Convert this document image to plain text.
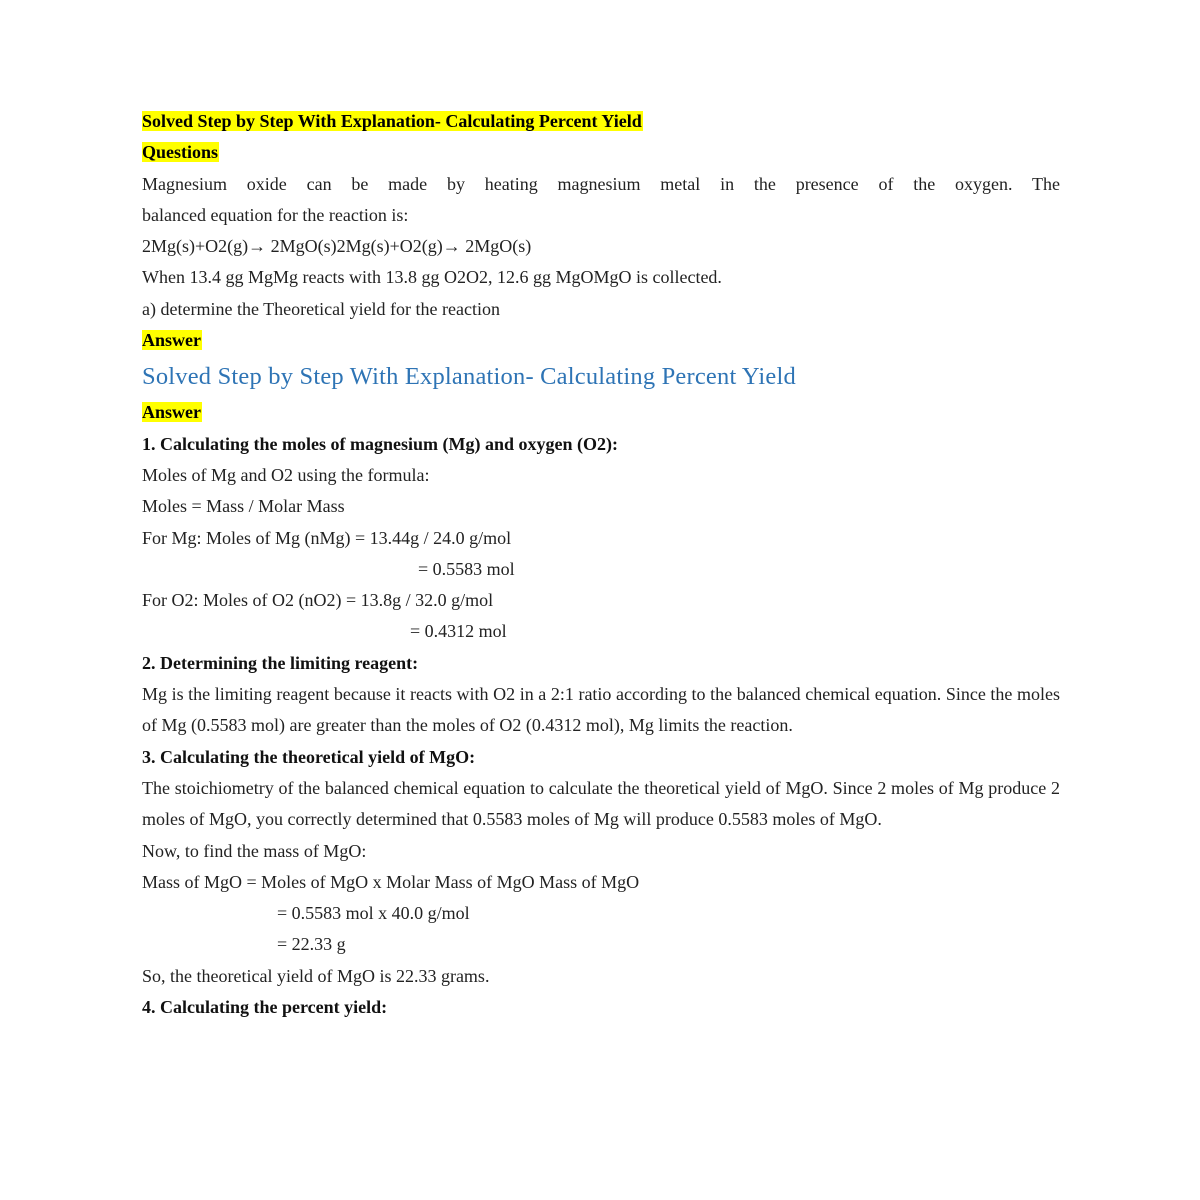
Solved Step by Step With Explanation- Calculating Percent Yield
Questions
Magnesium oxide can be made by heating magnesium metal in the presence of the oxygen. The
balanced equation for the reaction is:
2Mg(s)+O2(g)→ 2MgO(s)2Mg(s)+O2(g)→ 2MgO(s)
When 13.4 gg MgMg reacts with 13.8 gg O2O2, 12.6 gg MgOMgO is collected.
a) determine the Theoretical yield for the reaction
Answer
Solved Step by Step With Explanation- Calculating Percent Yield
Answer
1. Calculating the moles of magnesium (Mg) and oxygen (O2):
Moles of Mg and O2 using the formula:
Moles = Mass / Molar Mass
For Mg: Moles of Mg (nMg) = 13.44g / 24.0 g/mol
= 0.5583 mol
For O2: Moles of O2 (nO2) = 13.8g / 32.0 g/mol
= 0.4312 mol
2. Determining the limiting reagent:

Mg is the limiting reagent because it reacts with O2 in a 2:1 ratio according to the balanced chemical equation. Since the moles of Mg (0.5583 mol) are greater than the moles of O2 (0.4312 mol), Mg limits the reaction.

3. Calculating the theoretical yield of MgO:

The stoichiometry of the balanced chemical equation to calculate the theoretical yield of MgO. Since 2 moles of Mg produce 2 moles of MgO, you correctly determined that 0.5583 moles of Mg will produce 0.5583 moles of MgO.

Now, to find the mass of MgO:
Mass of MgO = Moles of MgO x Molar Mass of MgO Mass of MgO
= 0.5583 mol x 40.0 g/mol
= 22.33 g
So, the theoretical yield of MgO is 22.33 grams.
4. Calculating the percent yield:
